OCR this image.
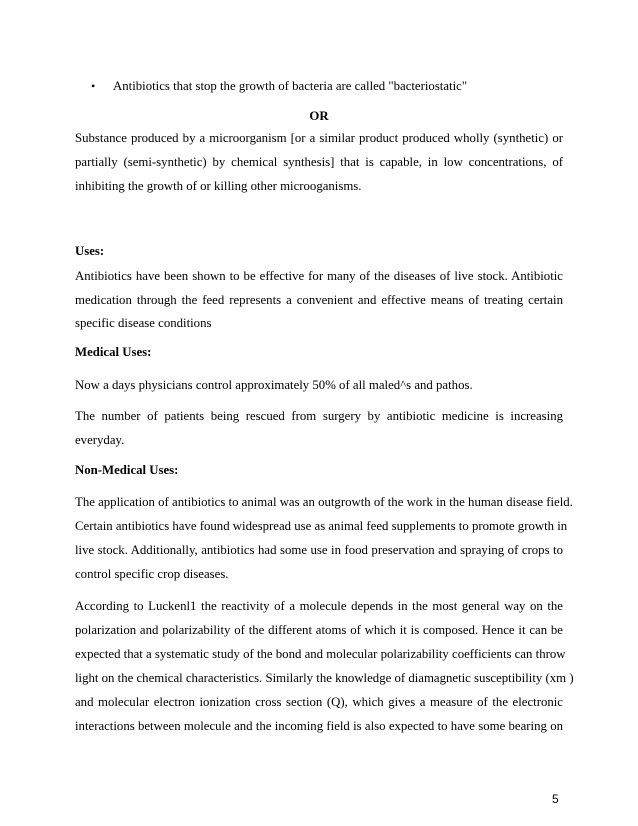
• Antibiotics that stop the growth of bacteria are called "bacteriostatic"
OR
Substance produced by a microorganism [or a similar product produced wholly (synthetic) or
partially (semi-synthetic) by chemical synthesis] that is capable, in low concentrations, of
inhibiting the growth of or killing other microoganisms.
Uses:
Antibiotics have been shown to be effective for many of the diseases of live stock. Antibiotic
medication through the feed represents a convenient and effective means of treating certain
specific disease conditions
Medical Uses:
Now a days physicians control approximately 50% of all maled^s and pathos.
The number of patients being rescued from surgery by antibiotic medicine is increasing
everyday.
Non-Medical Uses:
The application of antibiotics to animal was an outgrowth of the work in the human disease field.
Certain antibiotics have found widespread use as animal feed supplements to promote growth in
live stock. Additionally, antibiotics had some use in food preservation and spraying of crops to
control specific crop diseases.
According to Luckenl1 the reactivity of a molecule depends in the most general way on the
polarization and polarizability of the different atoms of which it is composed. Hence it can be
expected that a systematic study of the bond and molecular polarizability coefficients can throw
light on the chemical characteristics. Similarly the knowledge of diamagnetic susceptibility (xm )
and molecular electron ionization cross section (Q), which gives a measure of the electronic
interactions between molecule and the incoming field is also expected to have some bearing on
5
